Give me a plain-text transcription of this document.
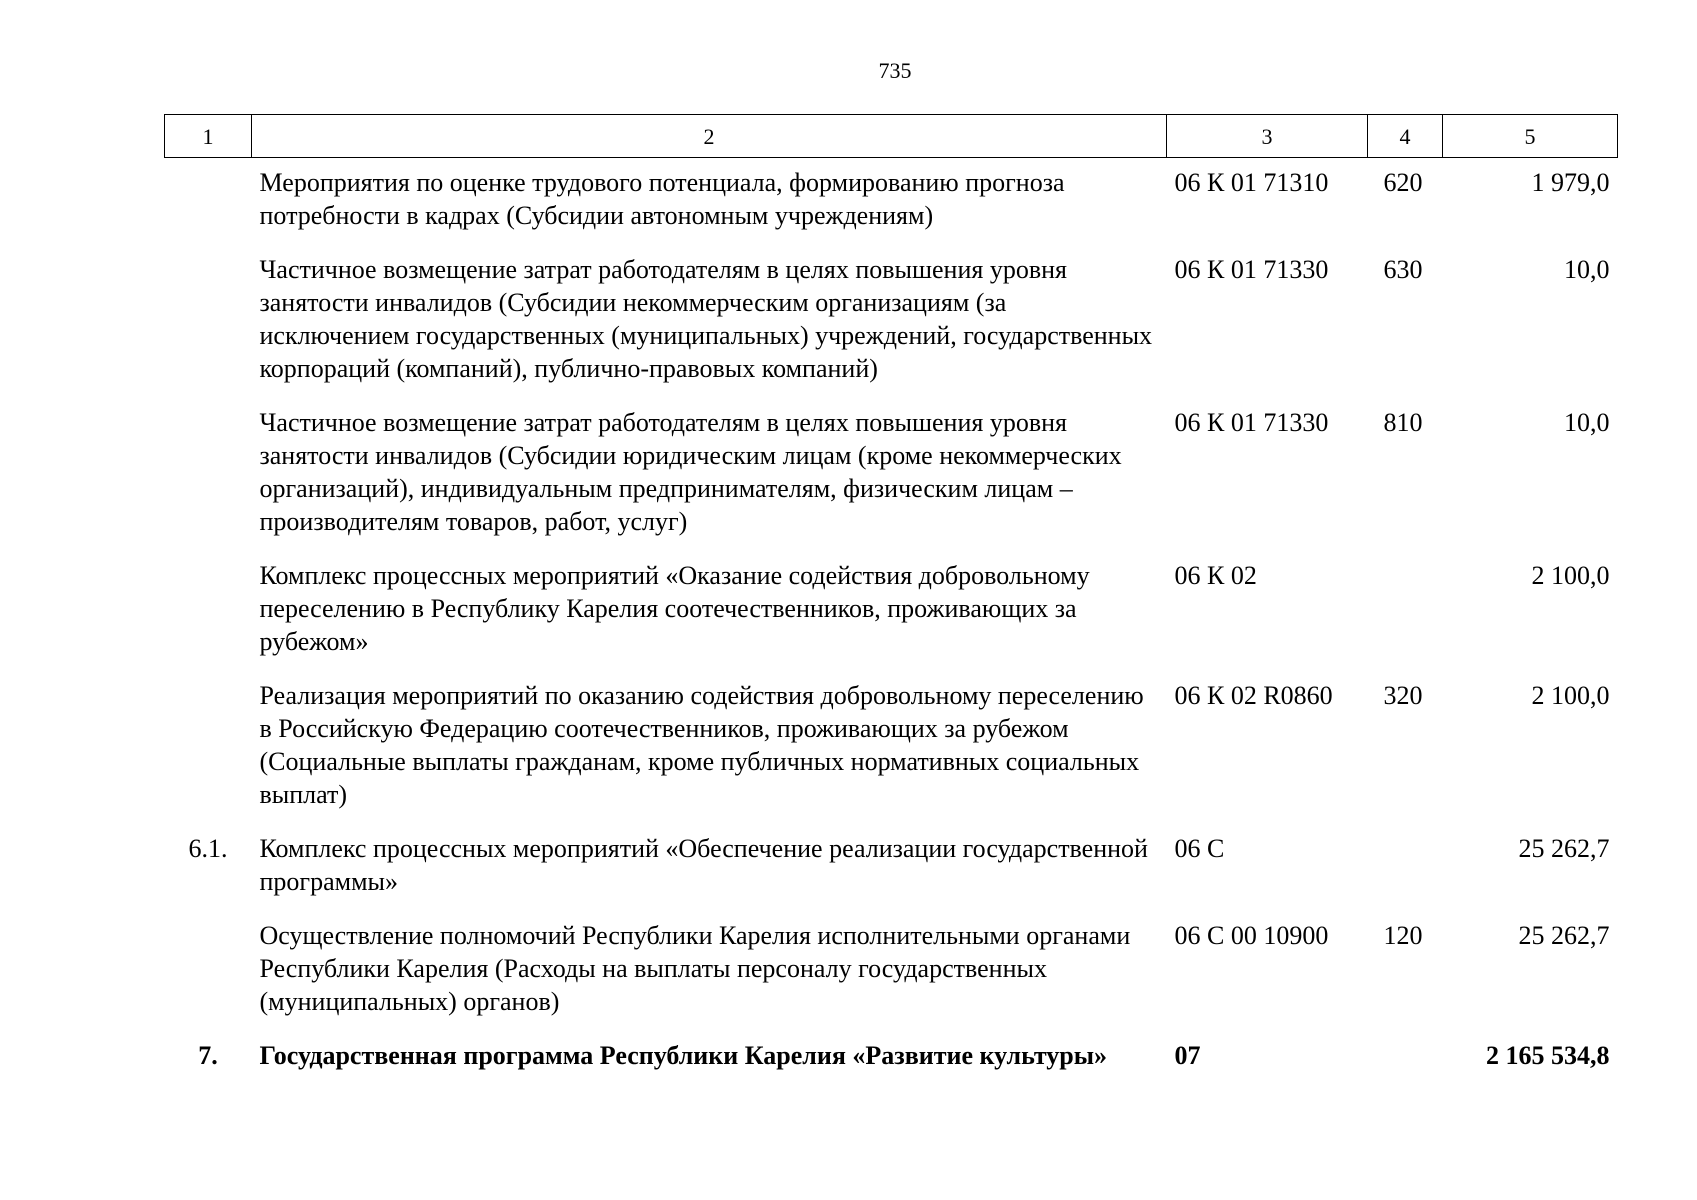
735
1	2	3	4	5
	Мероприятия по оценке трудового потенциала, формированию прогноза потребности в кадрах (Субсидии автономным учреждениям)	06 К 01 71310	620	1 979,0
	Частичное возмещение затрат работодателям в целях повышения уровня занятости инвалидов (Субсидии некоммерческим организациям (за исключением государственных (муниципальных) учреждений, государственных корпораций (компаний), публично-правовых компаний)	06 К 01 71330	630	10,0
	Частичное возмещение затрат работодателям в целях повышения уровня занятости инвалидов (Субсидии юридическим лицам (кроме некоммерческих организаций), индивидуальным предпринимателям, физическим лицам – производителям товаров, работ, услуг)	06 К 01 71330	810	10,0
	Комплекс процессных мероприятий «Оказание содействия добровольному переселению в Республику Карелия соотечественников, проживающих за рубежом»	06 К 02		2 100,0
	Реализация мероприятий по оказанию содействия добровольному переселению в Российскую Федерацию соотечественников, проживающих за рубежом (Социальные выплаты гражданам, кроме публичных нормативных социальных выплат)	06 К 02 R0860	320	2 100,0
6.1.	Комплекс процессных мероприятий «Обеспечение реализации государственной программы»	06 С		25 262,7
	Осуществление полномочий Республики Карелия исполнительными органами Республики Карелия (Расходы на выплаты персоналу государственных (муниципальных) органов)	06 С 00 10900	120	25 262,7
7.	Государственная программа Республики Карелия «Развитие культуры»	07		2 165 534,8
